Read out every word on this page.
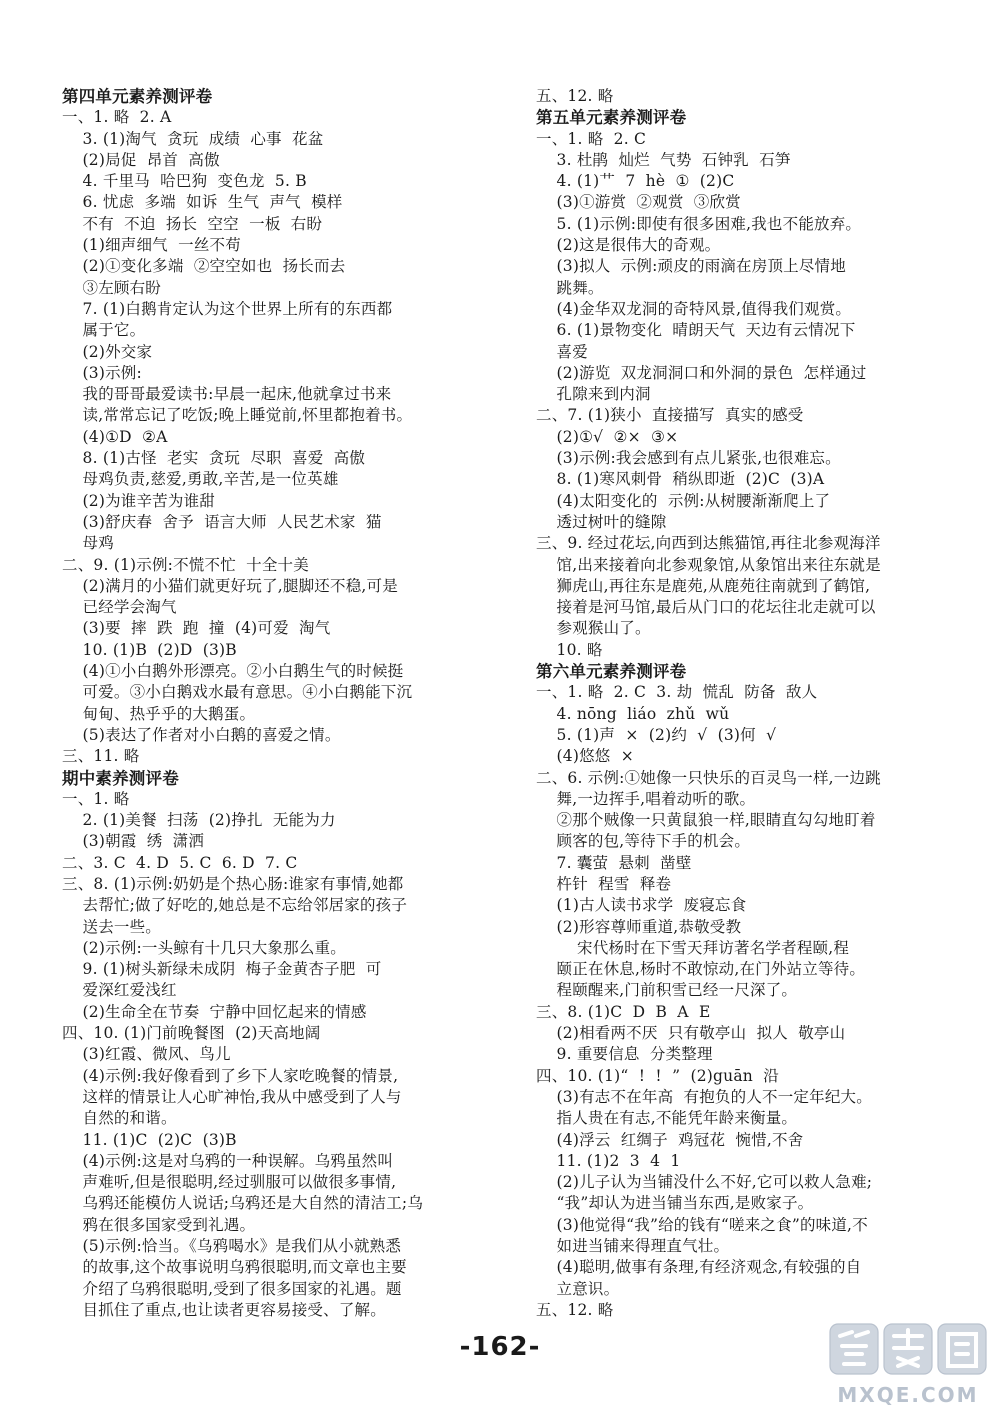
第四单元素养测评卷
一、1. 略  2. A
3. (1)淘气  贪玩  成绩  心事  花盆
(2)局促  昂首  高傲
4. 千里马  哈巴狗  变色龙  5. B
6. 忧虑  多端  如诉  生气  声气  模样
不有  不迫  扬长  空空  一板  右盼
(1)细声细气  一丝不苟
(2)①变化多端  ②空空如也  扬长而去
③左顾右盼
7. (1)白鹅肯定认为这个世界上所有的东西都
属于它。
(2)外交家
(3)示例:
我的哥哥最爱读书:早晨一起床,他就拿过书来
读,常常忘记了吃饭;晚上睡觉前,怀里都抱着书。
(4)①D  ②A
8. (1)古怪  老实  贪玩  尽职  喜爱  高傲
母鸡负责,慈爱,勇敢,辛苦,是一位英雄
(2)为谁辛苦为谁甜
(3)舒庆春  舍予  语言大师  人民艺术家  猫
母鸡
二、9. (1)示例:不慌不忙  十全十美
(2)满月的小猫们就更好玩了,腿脚还不稳,可是
已经学会淘气
(3)要  摔  跌  跑  撞  (4)可爱  淘气
10. (1)B  (2)D  (3)B
(4)①小白鹅外形漂亮。②小白鹅生气的时候挺
可爱。③小白鹅戏水最有意思。④小白鹅能下沉
甸甸、热乎乎的大鹅蛋。
(5)表达了作者对小白鹅的喜爱之情。
三、11. 略
期中素养测评卷
一、1. 略
2. (1)美餐  扫荡  (2)挣扎  无能为力
(3)朝霞  绣  潇洒
二、3. C  4. D  5. C  6. D  7. C
三、8. (1)示例:奶奶是个热心肠:谁家有事情,她都
去帮忙;做了好吃的,她总是不忘给邻居家的孩子
送去一些。
(2)示例:一头鲸有十几只大象那么重。
9. (1)树头新绿未成阴  梅子金黄杏子肥  可
爱深红爱浅红
(2)生命全在节奏  宁静中回忆起来的情感
四、10. (1)门前晚餐图  (2)天高地阔
(3)红霞、微风、鸟儿
(4)示例:我好像看到了乡下人家吃晚餐的情景,
这样的情景让人心旷神怡,我从中感受到了人与
自然的和谐。
11. (1)C  (2)C  (3)B
(4)示例:这是对乌鸦的一种误解。乌鸦虽然叫
声难听,但是很聪明,经过驯服可以做很多事情,
乌鸦还能模仿人说话;乌鸦还是大自然的清洁工;乌
鸦在很多国家受到礼遇。
(5)示例:恰当。《乌鸦喝水》是我们从小就熟悉
的故事,这个故事说明乌鸦很聪明,而文章也主要
介绍了乌鸦很聪明,受到了很多国家的礼遇。题
目抓住了重点,也让读者更容易接受、了解。
五、12. 略
第五单元素养测评卷
一、1. 略  2. C
3. 杜鹃  灿烂  气势  石钟乳  石笋
4. (1)艹  7  hè  ①  (2)C
(3)①游赏  ②观赏  ③欣赏
5. (1)示例:即使有很多困难,我也不能放弃。
(2)这是很伟大的奇观。
(3)拟人  示例:顽皮的雨滴在房顶上尽情地
跳舞。
(4)金华双龙洞的奇特风景,值得我们观赏。
6. (1)景物变化  晴朗天气  天边有云情况下
喜爱
(2)游览  双龙洞洞口和外洞的景色  怎样通过
孔隙来到内洞
二、7. (1)狭小  直接描写  真实的感受
(2)①√  ②×  ③×
(3)示例:我会感到有点儿紧张,也很难忘。
8. (1)寒风刺骨  稍纵即逝  (2)C  (3)A
(4)太阳变化的  示例:从树腰渐渐爬上了
透过树叶的缝隙
三、9. 经过花坛,向西到达熊猫馆,再往北参观海洋
馆,出来接着向北参观象馆,从象馆出来往东就是
狮虎山,再往东是鹿苑,从鹿苑往南就到了鹤馆,
接着是河马馆,最后从门口的花坛往北走就可以
参观猴山了。
10. 略
第六单元素养测评卷
一、1. 略  2. C  3. 劫  慌乱  防备  敌人
4. nōng  liáo  zhǔ  wǔ
5. (1)声  ×  (2)约  √  (3)何  √
(4)悠悠  ×
二、6. 示例:①她像一只快乐的百灵鸟一样,一边跳
舞,一边挥手,唱着动听的歌。
②那个贼像一只黄鼠狼一样,眼睛直勾勾地盯着
顾客的包,等待下手的机会。
7. 囊萤  悬刺  凿壁
杵针  程雪  释卷
(1)古人读书求学  废寝忘食
(2)形容尊师重道,恭敬受教
宋代杨时在下雪天拜访著名学者程颐,程
颐正在休息,杨时不敢惊动,在门外站立等待。
程颐醒来,门前积雪已经一尺深了。
三、8. (1)C  D  B  A  E
(2)相看两不厌  只有敬亭山  拟人  敬亭山
9. 重要信息  分类整理
四、10. (1)“  !  !  ”  (2)guān  沿
(3)有志不在年高  有抱负的人不一定年纪大。
指人贵在有志,不能凭年龄来衡量。
(4)浮云  红绸子  鸡冠花  惋惜,不舍
11. (1)2  3  4  1
(2)儿子认为当铺没什么不好,它可以救人急难;
“我”却认为进当铺当东西,是败家子。
(3)他觉得“我”给的钱有“嗟来之食”的味道,不
如进当铺来得理直气壮。
(4)聪明,做事有条理,有经济观念,有较强的自
立意识。
五、12. 略
-162-
MXQE.COM
